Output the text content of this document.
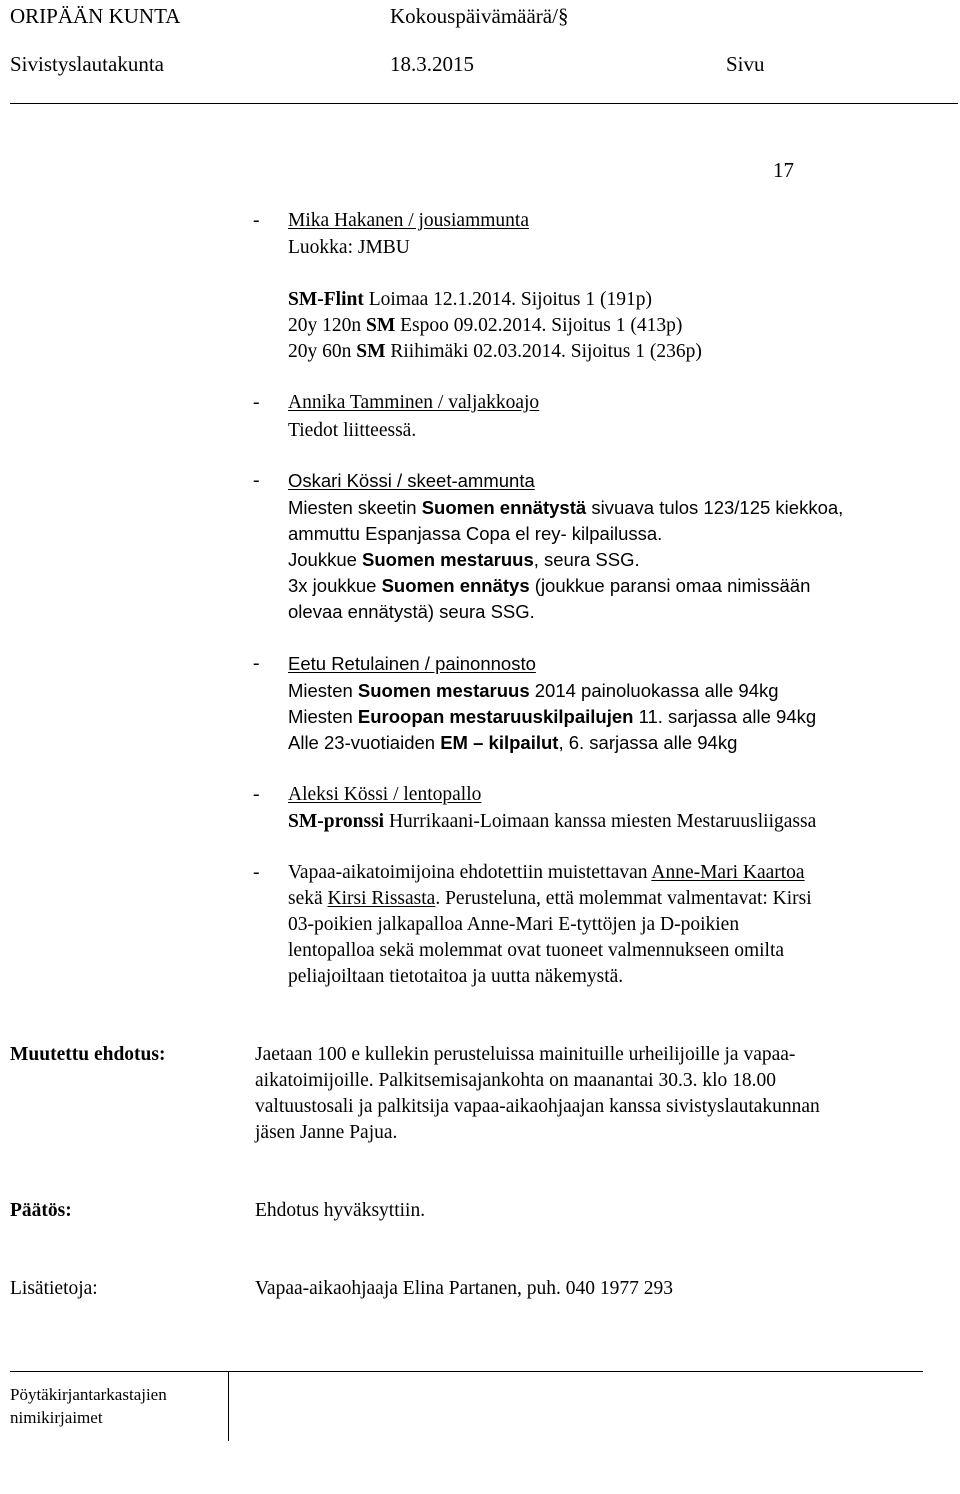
ORIPÄÄN KUNTA	Kokouspäivämäärä/§
Sivistyslautakunta	18.3.2015	Sivu
17
- Mika Hakanen / jousiammunta
Luokka: JMBU
SM-Flint Loimaa 12.1.2014. Sijoitus 1 (191p)
20y 120n SM Espoo 09.02.2014. Sijoitus 1 (413p)
20y 60n SM Riihimäki 02.03.2014. Sijoitus 1 (236p)
- Annika Tamminen / valjakkoajo
Tiedot liitteessä.
- Oskari Kössi / skeet-ammunta
Miesten skeetin Suomen ennätystä sivuava tulos 123/125 kiekkoa,
ammuttu Espanjassa Copa el rey- kilpailussa.
Joukkue Suomen mestaruus, seura SSG.
3x joukkue Suomen ennätys (joukkue paransi omaa nimissään
olevaa ennätystä) seura SSG.
- Eetu Retulainen / painonnosto
Miesten Suomen mestaruus 2014 painoluokassa alle 94kg
Miesten Euroopan mestaruuskilpailujen 11. sarjassa alle 94kg
Alle 23-vuotiaiden EM – kilpailut, 6. sarjassa alle 94kg
- Aleksi Kössi / lentopallo
SM-pronssi Hurrikaani-Loimaan kanssa miesten Mestaruusliigassa
- Vapaa-aikatoimijoina ehdotettiin muistettavan Anne-Mari Kaartoa
sekä Kirsi Rissasta. Perusteluna, että molemmat valmentavat: Kirsi
03-poikien jalkapalloa Anne-Mari E-tyttöjen ja D-poikien
lentopalloa sekä molemmat ovat tuoneet valmennukseen omilta
peliajoiltaan tietotaitoa ja uutta näkemystä.
Muutettu ehdotus:	Jaetaan 100 e kullekin perusteluissa mainituille urheilijoille ja vapaa-
aikatoimijoille. Palkitsemisajankohta on maanantai 30.3. klo 18.00
valtuustosali ja palkitsija vapaa-aikaohjaajan kanssa sivistyslautakunnan
jäsen Janne Pajua.
Päätös:	Ehdotus hyväksyttiin.
Lisätietoja:	Vapaa-aikaohjaaja Elina Partanen, puh. 040 1977 293
Pöytäkirjantarkastajien
nimikirjaimet
